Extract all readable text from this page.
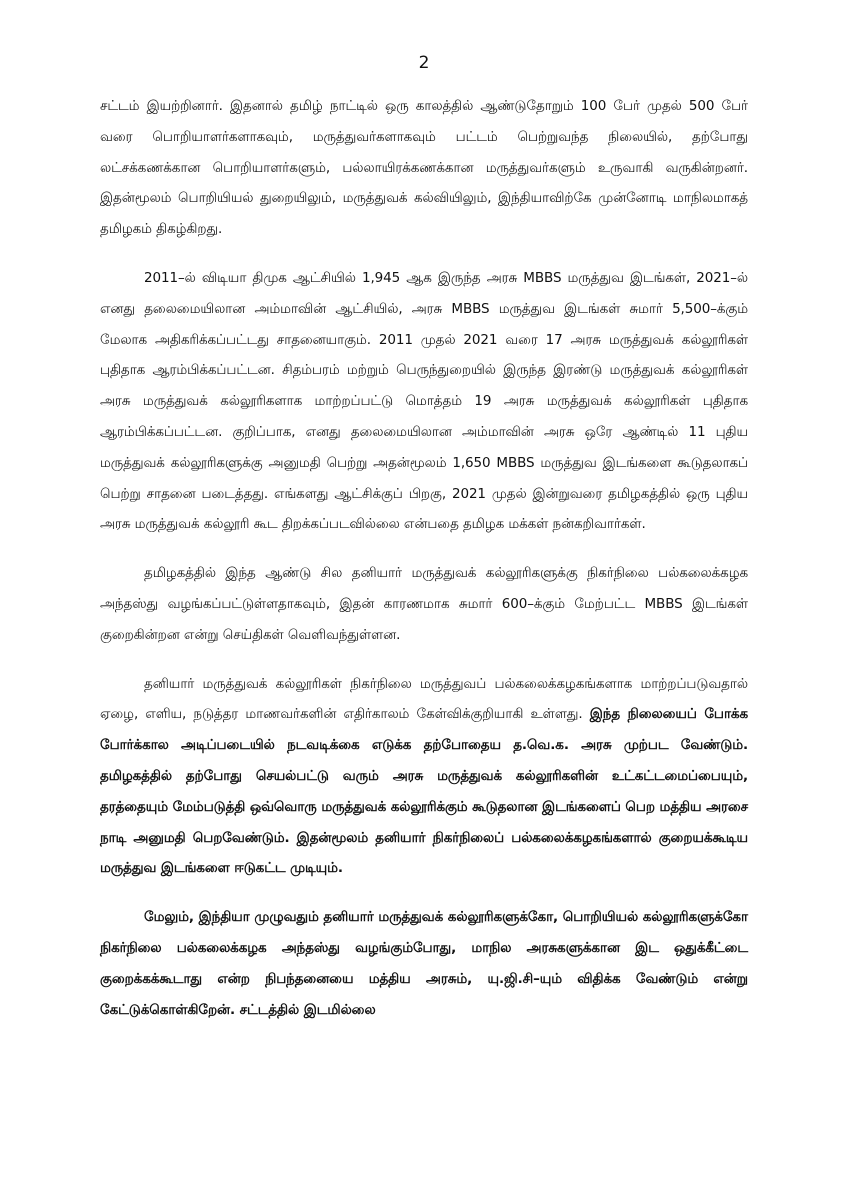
2

சட்டம் இயற்றினார். இதனால் தமிழ் நாட்டில் ஒரு காலத்தில் ஆண்டுதோறும் 100 பேர் முதல் 500 பேர் வரை பொறியாளர்களாகவும், மருத்துவர்களாகவும் பட்டம் பெற்றுவந்த நிலையில், தற்போது லட்சக்கணக்கான பொறியாளர்களும், பல்லாயிரக்கணக்கான மருத்துவர்களும் உருவாகி வருகின்றனர். இதன்மூலம் பொறியியல் துறையிலும், மருத்துவக் கல்வியிலும், இந்தியாவிற்கே முன்னோடி மாநிலமாகத் தமிழகம் திகழ்கிறது.

2011–ல் விடியா திமுக ஆட்சியில் 1,945 ஆக இருந்த அரசு MBBS மருத்துவ இடங்கள், 2021–ல் எனது தலைமையிலான அம்மாவின் ஆட்சியில், அரசு MBBS மருத்துவ இடங்கள் சுமார் 5,500–க்கும் மேலாக அதிகரிக்கப்பட்டது சாதனையாகும். 2011 முதல் 2021 வரை 17 அரசு மருத்துவக் கல்லூரிகள் புதிதாக ஆரம்பிக்கப்பட்டன. சிதம்பரம் மற்றும் பெருந்துறையில் இருந்த இரண்டு மருத்துவக் கல்லூரிகள் அரசு மருத்துவக் கல்லூரிகளாக மாற்றப்பட்டு மொத்தம் 19 அரசு மருத்துவக் கல்லூரிகள் புதிதாக ஆரம்பிக்கப்பட்டன. குறிப்பாக, எனது தலைமையிலான அம்மாவின் அரசு ஒரே ஆண்டில் 11 புதிய மருத்துவக் கல்லூரிகளுக்கு அனுமதி பெற்று அதன்மூலம் 1,650 MBBS மருத்துவ இடங்களை கூடுதலாகப் பெற்று சாதனை படைத்தது. எங்களது ஆட்சிக்குப் பிறகு, 2021 முதல் இன்றுவரை தமிழகத்தில் ஒரு புதிய அரசு மருத்துவக் கல்லூரி கூட திறக்கப்படவில்லை என்பதை தமிழக மக்கள் நன்கறிவார்கள்.

தமிழகத்தில் இந்த ஆண்டு சில தனியார் மருத்துவக் கல்லூரிகளுக்கு நிகர்நிலை பல்கலைக்கழக அந்தஸ்து வழங்கப்பட்டுள்ளதாகவும், இதன் காரணமாக சுமார் 600–க்கும் மேற்பட்ட MBBS இடங்கள் குறைகின்றன என்று செய்திகள் வெளிவந்துள்ளன.

தனியார் மருத்துவக் கல்லூரிகள் நிகர்நிலை மருத்துவப் பல்கலைக்கழகங்களாக மாற்றப்படுவதால் ஏழை, எளிய, நடுத்தர மாணவர்களின் எதிர்காலம் கேள்விக்குறியாகி உள்ளது. இந்த நிலையைப் போக்க போர்க்கால அடிப்படையில் நடவடிக்கை எடுக்க தற்போதைய த.வெ.க. அரசு முற்பட வேண்டும். தமிழகத்தில் தற்போது செயல்பட்டு வரும் அரசு மருத்துவக் கல்லூரிகளின் உட்கட்டமைப்பையும், தரத்தையும் மேம்படுத்தி ஒவ்வொரு மருத்துவக் கல்லூரிக்கும் கூடுதலான இடங்களைப் பெற மத்திய அரசை நாடி அனுமதி பெறவேண்டும். இதன்மூலம் தனியார் நிகர்நிலைப் பல்கலைக்கழகங்களால் குறையக்கூடிய மருத்துவ இடங்களை ஈடுகட்ட முடியும்.

மேலும், இந்தியா முழுவதும் தனியார் மருத்துவக் கல்லூரிகளுக்கோ, பொறியியல் கல்லூரிகளுக்கோ நிகர்நிலை பல்கலைக்கழக அந்தஸ்து வழங்கும்போது, மாநில அரசுகளுக்கான இட ஒதுக்கீட்டை குறைக்கக்கூடாது என்ற நிபந்தனையை மத்திய அரசும், யு.ஜி.சி–யும் விதிக்க வேண்டும் என்று கேட்டுக்கொள்கிறேன். சட்டத்தில் இடமில்லை
